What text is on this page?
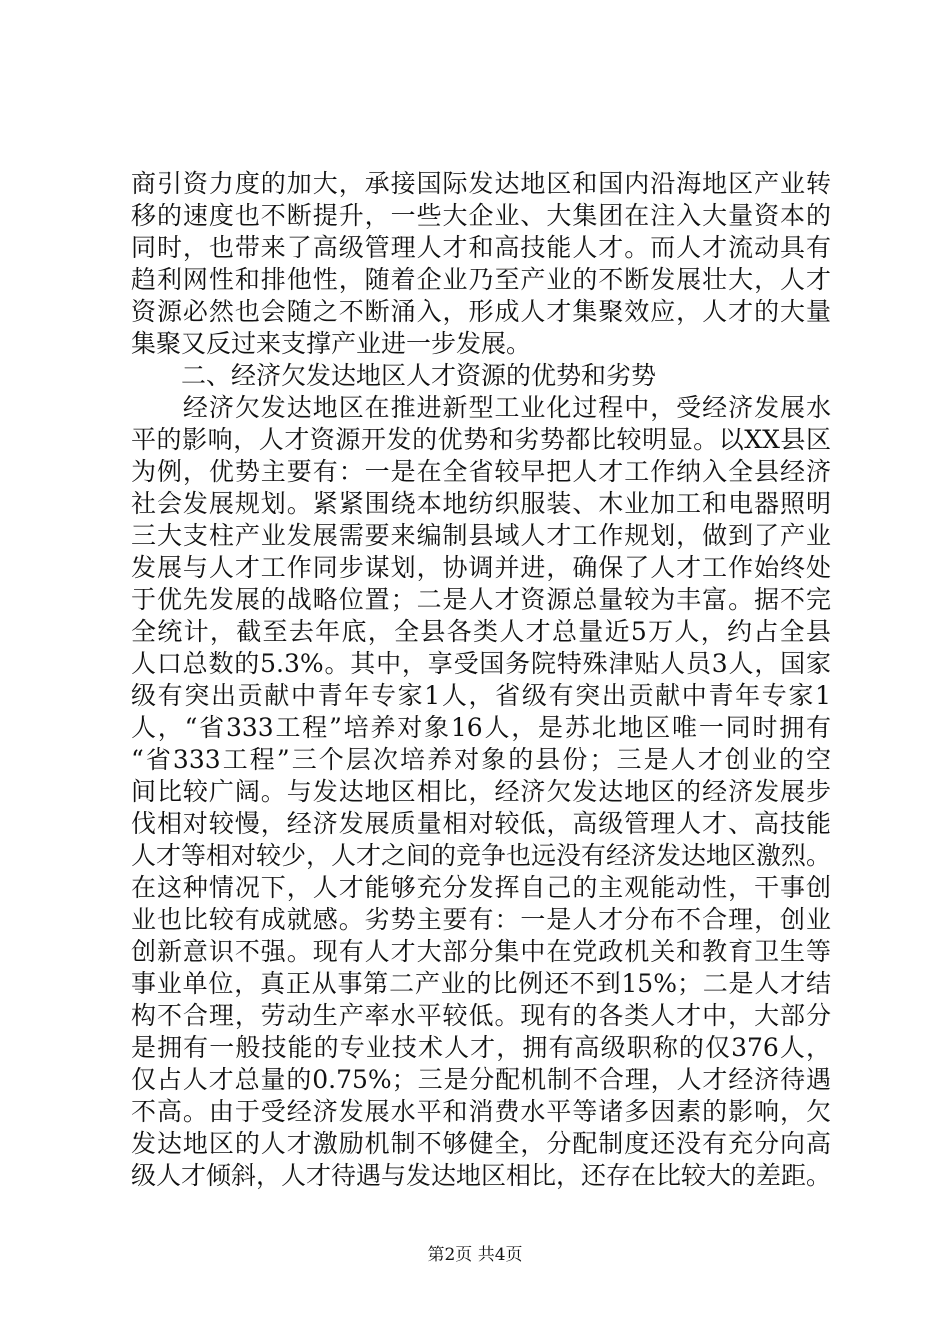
商引资力度的加大，承接国际发达地区和国内沿海地区产业转
移的速度也不断提升，一些大企业、大集团在注入大量资本的
同时，也带来了高级管理人才和高技能人才。而人才流动具有
趋利网性和排他性，随着企业乃至产业的不断发展壮大，人才
资源必然也会随之不断涌入，形成人才集聚效应，人才的大量
集聚又反过来支撑产业进一步发展。
　　二、经济欠发达地区人才资源的优势和劣势
　　经济欠发达地区在推进新型工业化过程中，受经济发展水
平的影响，人才资源开发的优势和劣势都比较明显。以XX县区
为例，优势主要有：一是在全省较早把人才工作纳入全县经济
社会发展规划。紧紧围绕本地纺织服装、木业加工和电器照明
三大支柱产业发展需要来编制县域人才工作规划，做到了产业
发展与人才工作同步谋划，协调并进，确保了人才工作始终处
于优先发展的战略位置；二是人才资源总量较为丰富。据不完
全统计，截至去年底，全县各类人才总量近5万人，约占全县
人口总数的5.3%。其中，享受国务院特殊津贴人员3人，国家
级有突出贡献中青年专家1人，省级有突出贡献中青年专家1
人，“省333工程”培养对象16人，是苏北地区唯一同时拥有
“省333工程”三个层次培养对象的县份；三是人才创业的空
间比较广阔。与发达地区相比，经济欠发达地区的经济发展步
伐相对较慢，经济发展质量相对较低，高级管理人才、高技能
人才等相对较少，人才之间的竞争也远没有经济发达地区激烈。
在这种情况下，人才能够充分发挥自己的主观能动性，干事创
业也比较有成就感。劣势主要有：一是人才分布不合理，创业
创新意识不强。现有人才大部分集中在党政机关和教育卫生等
事业单位，真正从事第二产业的比例还不到15%；二是人才结
构不合理，劳动生产率水平较低。现有的各类人才中，大部分
是拥有一般技能的专业技术人才，拥有高级职称的仅376人，
仅占人才总量的0.75%；三是分配机制不合理，人才经济待遇
不高。由于受经济发展水平和消费水平等诸多因素的影响，欠
发达地区的人才激励机制不够健全，分配制度还没有充分向高
级人才倾斜，人才待遇与发达地区相比，还存在比较大的差距。
第2页 共4页
